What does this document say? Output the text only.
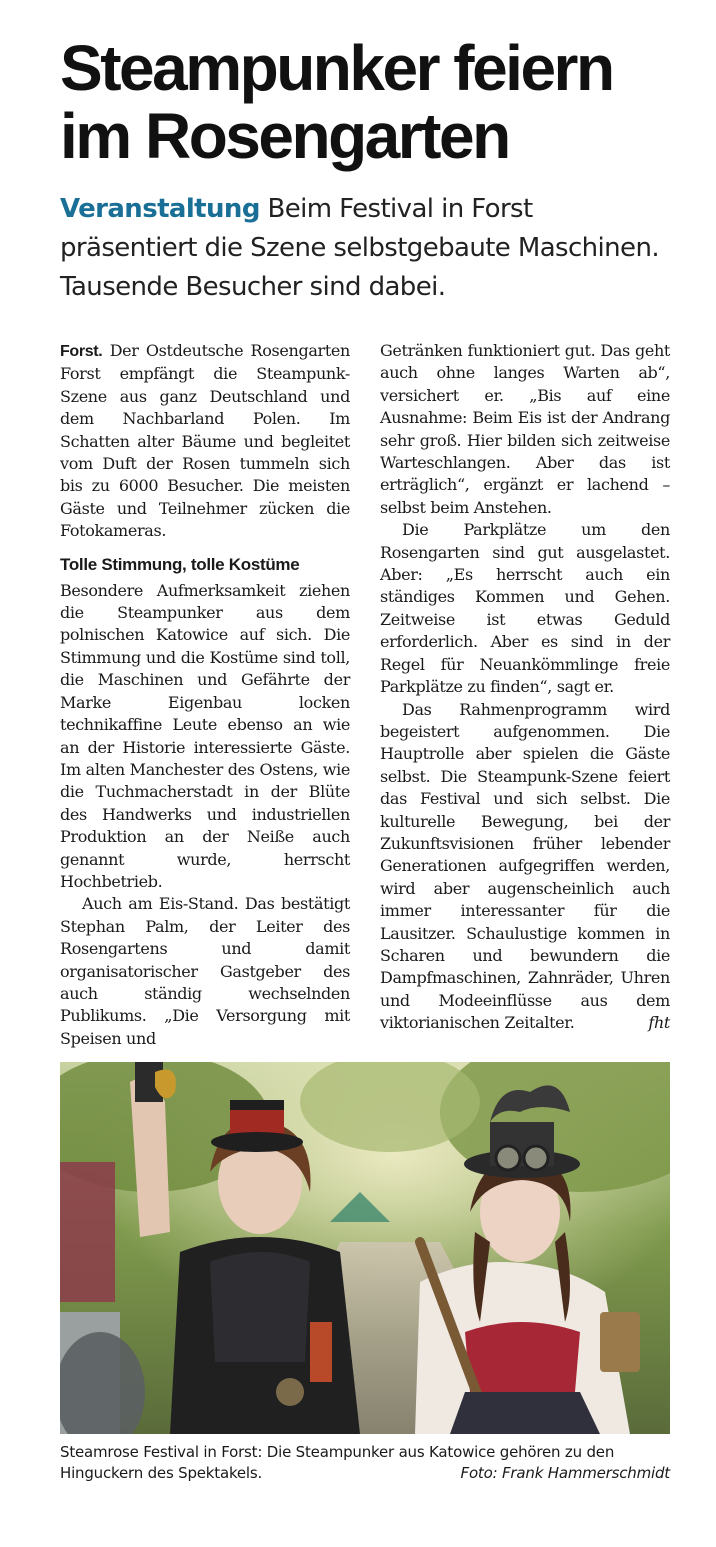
Steampunker feiern
im Rosengarten

Veranstaltung Beim Festival in Forst präsentiert die Szene selbstgebaute Maschinen. Tausende Besucher sind dabei.

Forst. Der Ostdeutsche Rosengarten Forst empfängt die Steampunk-Szene aus ganz Deutschland und dem Nachbarland Polen. Im Schatten alter Bäume und begleitet vom Duft der Rosen tummeln sich bis zu 6000 Besucher. Die meisten Gäste und Teilnehmer zücken die Fotokameras.

Tolle Stimmung, tolle Kostüme

Besondere Aufmerksamkeit ziehen die Steampunker aus dem polnischen Katowice auf sich. Die Stimmung und die Kostüme sind toll, die Maschinen und Gefährte der Marke Eigenbau locken technikaffine Leute ebenso an wie an der Historie interessierte Gäste. Im alten Manchester des Ostens, wie die Tuchmacherstadt in der Blüte des Handwerks und industriellen Produktion an der Neiße auch genannt wurde, herrscht Hochbetrieb.

Auch am Eis-Stand. Das bestätigt Stephan Palm, der Leiter des Rosengartens und damit organisatorischer Gastgeber des auch ständig wechselnden Publikums. „Die Versorgung mit Speisen und

Getränken funktioniert gut. Das geht auch ohne langes Warten ab“, versichert er. „Bis auf eine Ausnahme: Beim Eis ist der Andrang sehr groß. Hier bilden sich zeitweise Warteschlangen. Aber das ist erträglich“, ergänzt er lachend – selbst beim Anstehen.

Die Parkplätze um den Rosengarten sind gut ausgelastet. Aber: „Es herrscht auch ein ständiges Kommen und Gehen. Zeitweise ist etwas Geduld erforderlich. Aber es sind in der Regel für Neuankömmlinge freie Parkplätze zu finden“, sagt er.

Das Rahmenprogramm wird begeistert aufgenommen. Die Hauptrolle aber spielen die Gäste selbst. Die Steampunk-Szene feiert das Festival und sich selbst. Die kulturelle Bewegung, bei der Zukunftsvisionen früher lebender Generationen aufgegriffen werden, wird aber augenscheinlich auch immer interessanter für die Lausitzer. Schaulustige kommen in Scharen und bewundern die Dampfmaschinen, Zahnräder, Uhren und Modeeinflüsse aus dem viktorianischen Zeitalter.	fht

Steamrose Festival in Forst: Die Steampunker aus Katowice gehören zu den Hinguckern des Spektakels.	Foto: Frank Hammerschmidt
